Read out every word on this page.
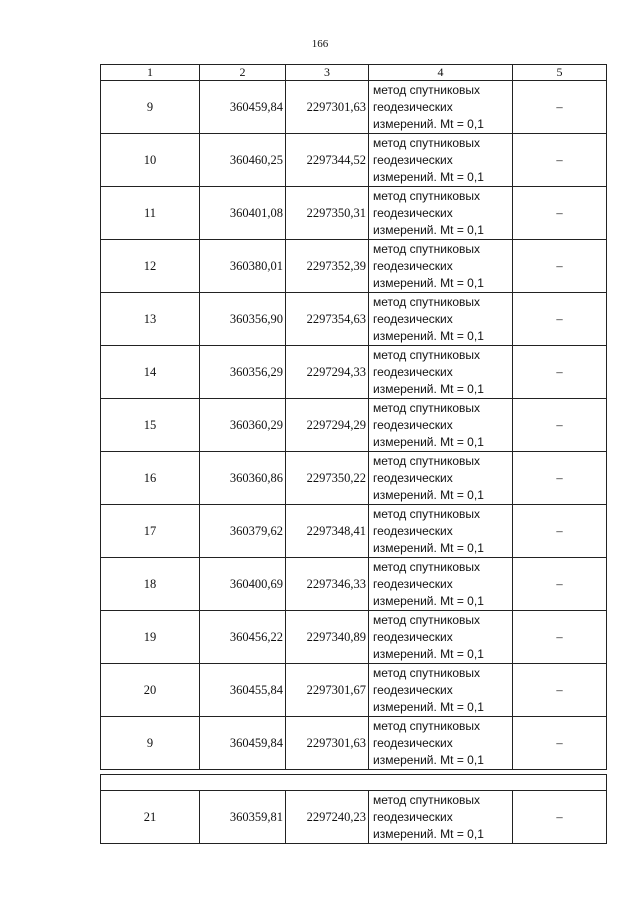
166
1	2	3	4	5
9	360459,84	2297301,63	метод спутниковых
геодезических
измерений. Mt = 0,1	–
10	360460,25	2297344,52	метод спутниковых
геодезических
измерений. Mt = 0,1	–
11	360401,08	2297350,31	метод спутниковых
геодезических
измерений. Mt = 0,1	–
12	360380,01	2297352,39	метод спутниковых
геодезических
измерений. Mt = 0,1	–
13	360356,90	2297354,63	метод спутниковых
геодезических
измерений. Mt = 0,1	–
14	360356,29	2297294,33	метод спутниковых
геодезических
измерений. Mt = 0,1	–
15	360360,29	2297294,29	метод спутниковых
геодезических
измерений. Mt = 0,1	–
16	360360,86	2297350,22	метод спутниковых
геодезических
измерений. Mt = 0,1	–
17	360379,62	2297348,41	метод спутниковых
геодезических
измерений. Mt = 0,1	–
18	360400,69	2297346,33	метод спутниковых
геодезических
измерений. Mt = 0,1	–
19	360456,22	2297340,89	метод спутниковых
геодезических
измерений. Mt = 0,1	–
20	360455,84	2297301,67	метод спутниковых
геодезических
измерений. Mt = 0,1	–
9	360459,84	2297301,63	метод спутниковых
геодезических
измерений. Mt = 0,1	–

21	360359,81	2297240,23	метод спутниковых
геодезических
измерений. Mt = 0,1	–
